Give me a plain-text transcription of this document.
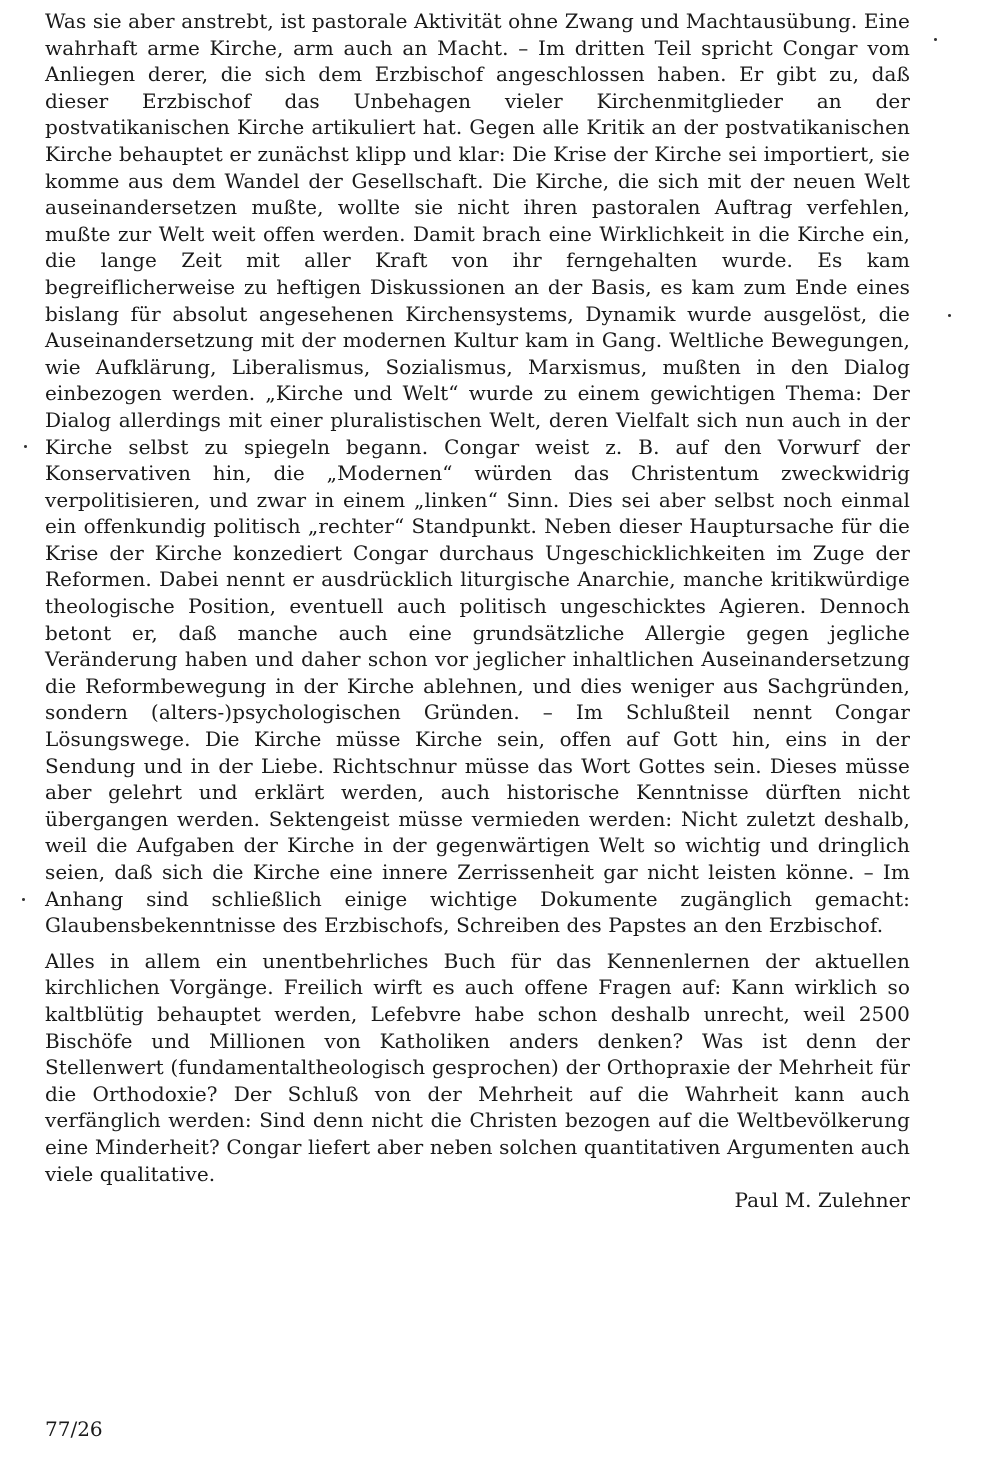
Was sie aber anstrebt, ist pastorale Aktivität ohne Zwang und Machtausübung. Eine wahrhaft arme Kirche, arm auch an Macht. – Im dritten Teil spricht Congar vom Anliegen derer, die sich dem Erzbischof angeschlossen haben. Er gibt zu, daß dieser Erzbischof das Unbehagen vieler Kirchenmitglieder an der postvatikanischen Kirche artikuliert hat. Gegen alle Kritik an der postvatikanischen Kirche behauptet er zunächst klipp und klar: Die Krise der Kirche sei importiert, sie komme aus dem Wandel der Gesellschaft. Die Kirche, die sich mit der neuen Welt auseinandersetzen mußte, wollte sie nicht ihren pastoralen Auftrag verfehlen, mußte zur Welt weit offen werden. Damit brach eine Wirklichkeit in die Kirche ein, die lange Zeit mit aller Kraft von ihr ferngehalten wurde. Es kam begreiflicherweise zu heftigen Diskussionen an der Basis, es kam zum Ende eines bislang für absolut angesehenen Kirchensystems, Dynamik wurde ausgelöst, die Auseinandersetzung mit der modernen Kultur kam in Gang. Weltliche Bewegungen, wie Aufklärung, Liberalismus, Sozialismus, Marxismus, mußten in den Dialog einbezogen werden. „Kirche und Welt“ wurde zu einem gewichtigen Thema: Der Dialog allerdings mit einer pluralistischen Welt, deren Vielfalt sich nun auch in der Kirche selbst zu spiegeln begann. Congar weist z. B. auf den Vorwurf der Konservativen hin, die „Modernen“ würden das Christentum zweckwidrig verpolitisieren, und zwar in einem „linken“ Sinn. Dies sei aber selbst noch einmal ein offenkundig politisch „rechter“ Standpunkt. Neben dieser Hauptursache für die Krise der Kirche konzediert Congar durchaus Ungeschicklichkeiten im Zuge der Reformen. Dabei nennt er ausdrücklich liturgische Anarchie, manche kritikwürdige theologische Position, eventuell auch politisch ungeschicktes Agieren. Dennoch betont er, daß manche auch eine grundsätzliche Allergie gegen jegliche Veränderung haben und daher schon vor jeglicher inhaltlichen Auseinandersetzung die Reformbewegung in der Kirche ablehnen, und dies weniger aus Sachgründen, sondern (alters-)psychologischen Gründen. – Im Schlußteil nennt Congar Lösungswege. Die Kirche müsse Kirche sein, offen auf Gott hin, eins in der Sendung und in der Liebe. Richtschnur müsse das Wort Gottes sein. Dieses müsse aber gelehrt und erklärt werden, auch historische Kenntnisse dürften nicht übergangen werden. Sektengeist müsse vermieden werden: Nicht zuletzt deshalb, weil die Aufgaben der Kirche in der gegenwärtigen Welt so wichtig und dringlich seien, daß sich die Kirche eine innere Zerrissenheit gar nicht leisten könne. – Im Anhang sind schließlich einige wichtige Dokumente zugänglich gemacht: Glaubensbekenntnisse des Erzbischofs, Schreiben des Papstes an den Erzbischof.

Alles in allem ein unentbehrliches Buch für das Kennenlernen der aktuellen kirchlichen Vorgänge. Freilich wirft es auch offene Fragen auf: Kann wirklich so kaltblütig behauptet werden, Lefebvre habe schon deshalb unrecht, weil 2500 Bischöfe und Millionen von Katholiken anders denken? Was ist denn der Stellenwert (fundamentaltheologisch gesprochen) der Orthopraxie der Mehrheit für die Orthodoxie? Der Schluß von der Mehrheit auf die Wahrheit kann auch verfänglich werden: Sind denn nicht die Christen bezogen auf die Weltbevölkerung eine Minderheit? Congar liefert aber neben solchen quantitativen Argumenten auch viele qualitative.

Paul M. Zulehner

77/26
